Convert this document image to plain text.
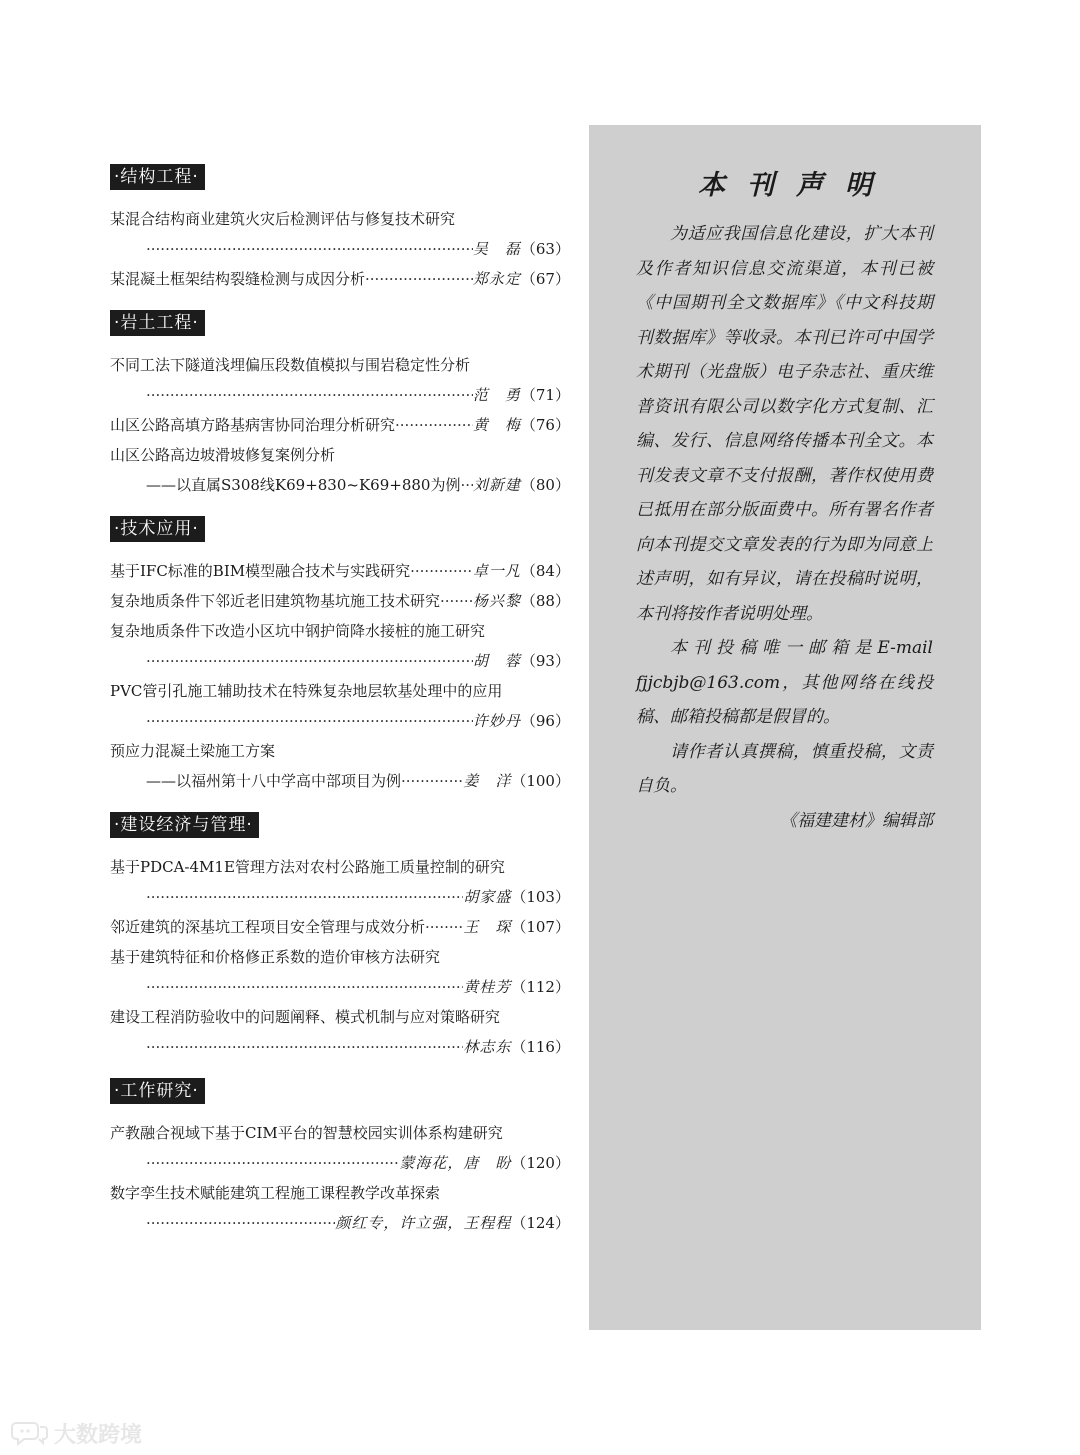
·结构工程·
某混合结构商业建筑火灾后检测评估与修复技术研究
·····
吴　磊	（ 63 ）
某混凝土框架结构裂缝检测与成因分析 ·····	郑永定	（ 67 ）
·岩土工程·
不同工法下隧道浅埋偏压段数值模拟与围岩稳定性分析
·····
范　勇	（ 71 ）
山区公路高填方路基病害协同治理分析研究 ·····	黄　梅	（ 76 ）
山区公路高边坡滑坡修复案例分析
——以直属S308线K69+830~K69+880为例 ····· 刘新建	（ 80 ）
·技术应用·
基于IFC标准的BIM模型融合技术与实践研究 ·····	卓一凡	（ 84 ）
复杂地质条件下邻近老旧建筑物基坑施工技术研究 ····· 杨兴黎	（ 88 ）
复杂地质条件下改造小区坑中钢护筒降水接桩的施工研究
·····
胡　蓉	（ 93 ）
PVC管引孔施工辅助技术在特殊复杂地层软基处理中的应用
·····
许妙丹	（ 96 ）
预应力混凝土梁施工方案
——以福州第十八中学高中部项目为例 ·····	姜　洋	（ 100 ）
·建设经济与管理·
基于PDCA-4M1E管理方法对农村公路施工质量控制的研究
·····
胡家盛	（ 103 ）
邻近建筑的深基坑工程项目安全管理与成效分析 ·····	王　琛	（ 107 ）
基于建筑特征和价格修正系数的造价审核方法研究
·····
黄桂芳	（ 112 ）
建设工程消防验收中的问题阐释、模式机制与应对策略研究
·····
林志东	（ 116 ）
·工作研究·
产教融合视域下基于CIM平台的智慧校园实训体系构建研究
·····
蒙海花，唐　盼	（ 120 ）
数字孪生技术赋能建筑工程施工课程教学改革探索
·····
颜红专，许立强，王程程	（ 124 ）
本刊声明

为适应我国信息化建设，扩大本刊及作者知识信息交流渠道，本刊已被《中国期刊全文数据库》《中文科技期刊数据库》等收录。本刊已许可中国学术期刊（光盘版）电子杂志社、重庆维普资讯有限公司以数字化方式复制、汇编、发行、信息网络传播本刊全文。本刊发表文章不支付报酬，著作权使用费已抵用在部分版面费中。所有署名作者向本刊提交文章发表的行为即为同意上述声明，如有异议，请在投稿时说明，本刊将按作者说明处理。

本刊投稿唯一邮箱是E-mail fjjcbjb@163.com，其他网络在线投稿、邮箱投稿都是假冒的。

请作者认真撰稿，慎重投稿，文责自负。

《福建建材》编辑部

大数跨境
